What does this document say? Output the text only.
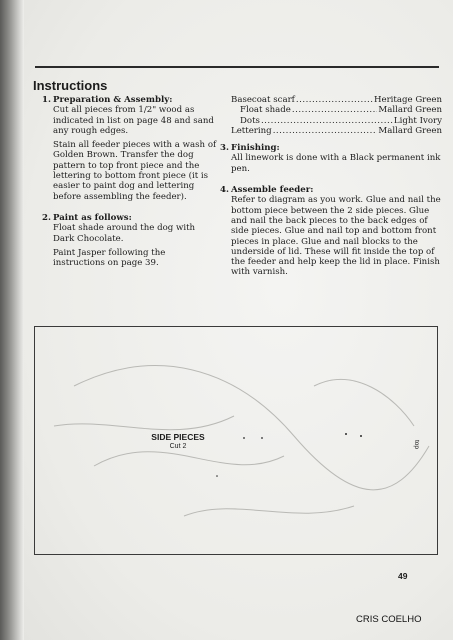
Instructions
1. Preparation & Assembly:

Cut all pieces from 1/2" wood as indicated in list on page 48 and sand any rough edges.

Stain all feeder pieces with a wash of Golden Brown. Transfer the dog pattern to top front piece and the lettering to bottom front piece (it is easier to paint dog and lettering before assembling the feeder).

2. Paint as follows:

Float shade around the dog with Dark Chocolate.

Paint Jasper following the instructions on page 39.

Basecoat scarf .....	Heritage Green
Float shade .....	Mallard Green
Dots .....	Light Ivory
Lettering .....	Mallard Green
3. Finishing:

All linework is done with a Black permanent ink pen.

4. Assemble feeder:

Refer to diagram as you work. Glue and nail the bottom piece between the 2 side pieces. Glue and nail the back pieces to the back edges of side pieces. Glue and nail top and bottom front pieces in place. Glue and nail blocks to the underside of lid. These will fit inside the top of the feeder and help keep the lid in place. Finish with varnish.

SIDE PIECES
Cut 2	top
49
CRIS COELHO
